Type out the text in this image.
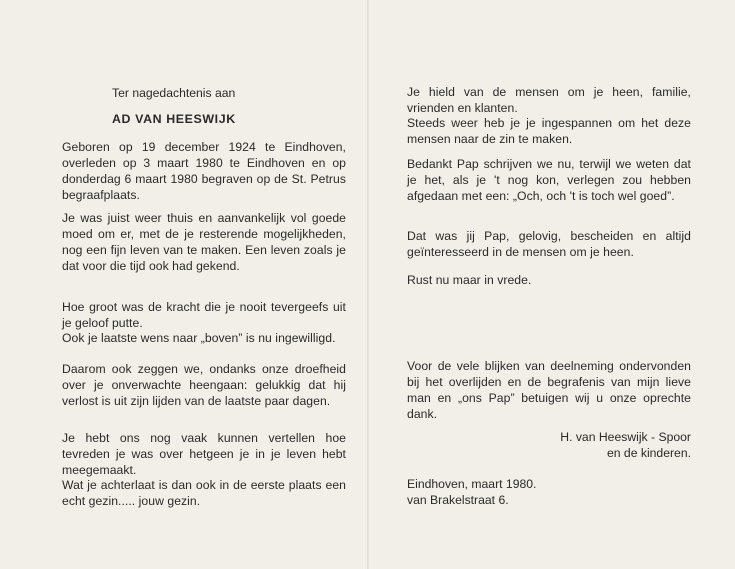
Ter nagedachtenis aan
AD VAN HEESWIJK

Geboren op 19 december 1924 te Eindhoven, overleden op 3 maart 1980 te Eindhoven en op donderdag 6 maart 1980 begraven op de St. Petrus begraafplaats.

Je was juist weer thuis en aanvankelijk vol goede moed om er, met de je resterende mogelijkheden, nog een fijn leven van te maken. Een leven zoals je dat voor die tijd ook had gekend.

Hoe groot was de kracht die je nooit tevergeefs uit je geloof putte.

Ook je laatste wens naar „boven” is nu ingewilligd.

Daarom ook zeggen we, ondanks onze droefheid over je onverwachte heengaan: gelukkig dat hij verlost is uit zijn lijden van de laatste paar dagen.

Je hebt ons nog vaak kunnen vertellen hoe tevreden je was over hetgeen je in je leven hebt meegemaakt.

Wat je achterlaat is dan ook in de eerste plaats een echt gezin..... jouw gezin.

Je hield van de mensen om je heen, familie, vrienden en klanten.

Steeds weer heb je je ingespannen om het deze mensen naar de zin te maken.

Bedankt Pap schrijven we nu, terwijl we weten dat je het, als je 't nog kon, verlegen zou hebben afgedaan met een: „Och, och 't is toch wel goed”.

Dat was jij Pap, gelovig, bescheiden en altijd geïnteresseerd in de mensen om je heen.

Rust nu maar in vrede.

Voor de vele blijken van deelneming ondervonden bij het overlijden en de begrafenis van mijn lieve man en „ons Pap” betuigen wij u onze oprechte dank.

H. van Heeswijk - Spoor
en de kinderen.
Eindhoven, maart 1980.
van Brakelstraat 6.
